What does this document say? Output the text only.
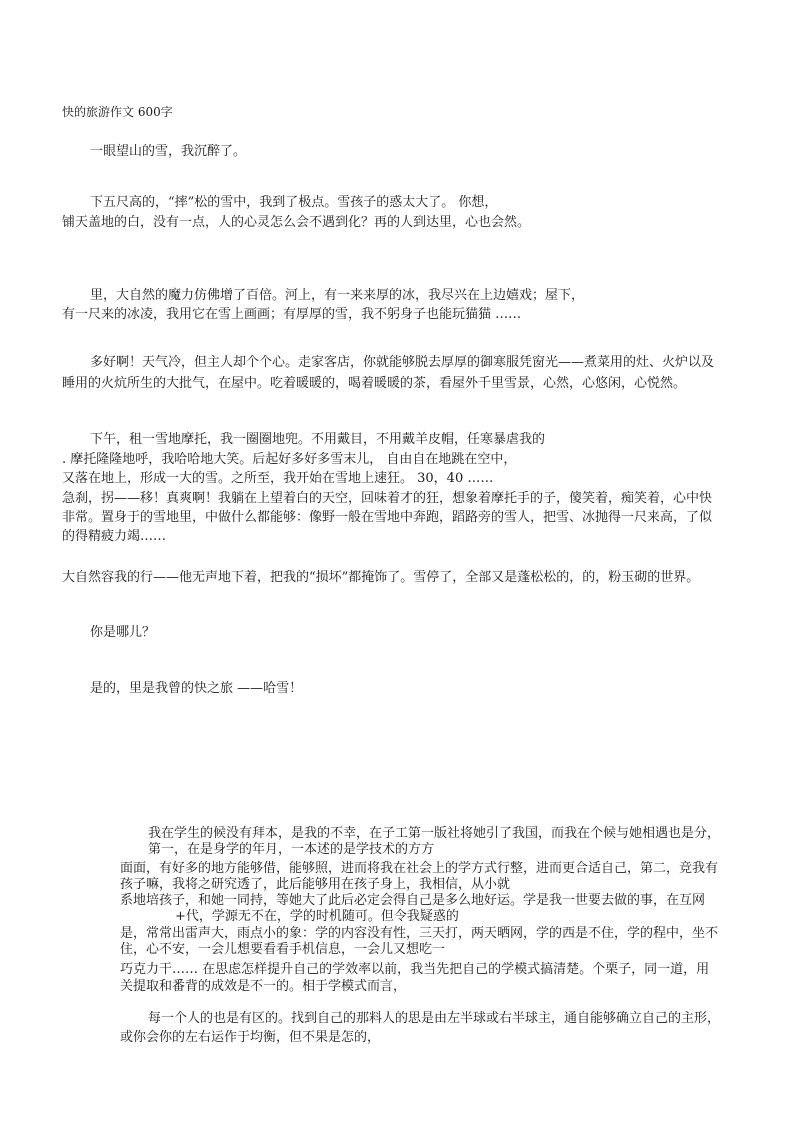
快的旅游作文 600字
一眼望山的雪，我沉醉了。
下五尺高的，“摔”松的雪中，我到了极点。雪孩子的惑太大了。 你想，
铺天盖地的白，没有一点，人的心灵怎么会不遇到化？再的人到达里，心也会然。
里，大自然的魔力仿佛增了百倍。河上，有一来来厚的冰，我尽兴在上边嬉戏；屋下，
有一尺来的冰凌，我用它在雪上画画；有厚厚的雪，我不躬身子也能玩猫猫 ……
多好啊！天气冷，但主人却个个心。走家客店，你就能够脱去厚厚的御寒服凭窗光——煮菜用的灶、火炉以及
睡用的火炕所生的大批气，在屋中。吃着暖暖的，喝着暖暖的茶，看屋外千里雪景，心然，心悠闲，心悦然。
下午，租一雪地摩托，我一圈圈地兜。不用戴目，不用戴羊皮帽，任寒暴虐我的
. 摩托隆隆地呼，我哈哈地大笑。后起好多好多雪末儿， 自由自在地跳在空中，
又落在地上，形成一大的雪。之所至，我开始在雪地上速狂。 30，40 ……
急刹，拐——移！真爽啊！我躺在上望着白的天空，回味着才的狂，想象着摩托手的子，傻笑着，痴笑着，心中快
非常。置身于的雪地里，中做什么都能够：像野一般在雪地中奔跑，蹈路旁的雪人，把雪、冰抛得一尺来高，了似
的得精疲力竭……
大自然容我的行——他无声地下着，把我的“损坏”都掩饰了。雪停了，全部又是蓬松松的，的，粉玉砌的世界。
你是哪儿？
是的，里是我曾的快之旅 ——哈雪！
我在学生的候没有拜本，是我的不幸，在子工第一版社将她引了我国，而我在个候与她相遇也是分，
第一，在是身学的年月，一本述的是学技术的方方
面面，有好多的地方能够借，能够照，进而将我在社会上的学方式行整，进而更合适自己，第二，竞我有
孩子嘛，我将之研究透了，此后能够用在孩子身上，我相信，从小就
系地培孩子，和她一同持，等她大了此后必定会得自己是多么地好运。学是我一世要去做的事，在互网
+代，学源无不在，学的时机随可。但令我疑惑的
是，常常出雷声大，雨点小的象：学的内容没有性，三天打，两天晒网，学的西是不住，学的程中，坐不
住，心不安，一会儿想要看看手机信息，一会儿又想吃一
巧克力干…… 在思虑怎样提升自己的学效率以前，我当先把自己的学模式搞清楚。个栗子，同一道，用
关提取和番背的成效是不一的。相于学模式而言，
每一个人的也是有区的。找到自己的那料人的思是由左半球或右半球主，通自能够确立自己的主形，
或你会你的左右运作于均衡，但不果是怎的，
